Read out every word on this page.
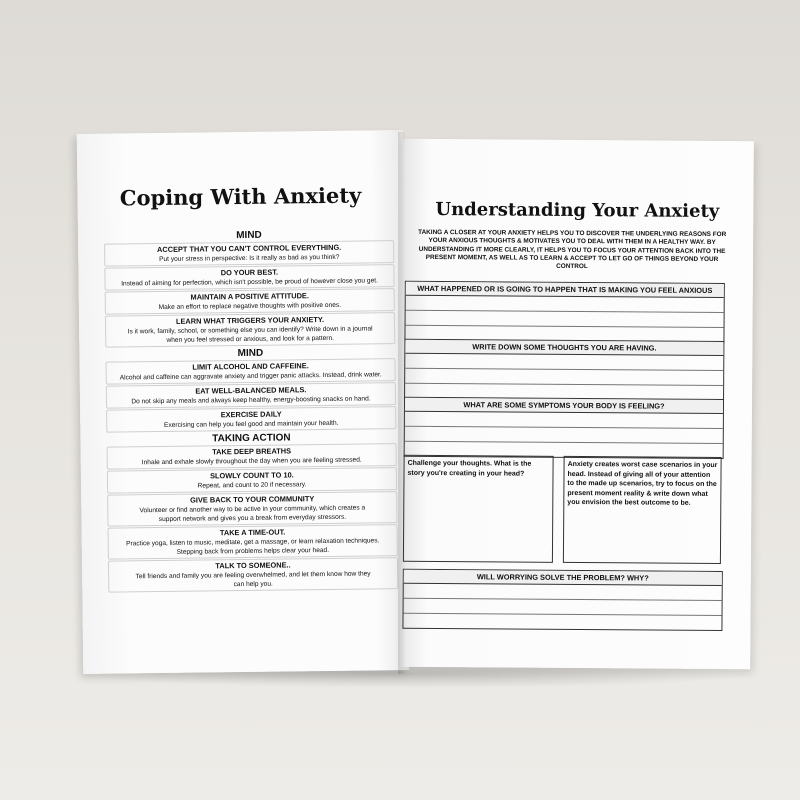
Coping With Anxiety
MIND
ACCEPT THAT YOU CAN'T CONTROL EVERYTHING.
Put your stress in perspective: Is it really as bad as you think?
DO YOUR BEST.
Instead of aiming for perfection, which isn't possible, be proud of however close you get.
MAINTAIN A POSITIVE ATTITUDE.
Make an effort to replace negative thoughts with positive ones.
LEARN WHAT TRIGGERS YOUR ANXIETY.
Is it work, family, school, or something else you can identify? Write down in a journal
when you feel stressed or anxious, and look for a pattern.
MIND
LIMIT ALCOHOL AND CAFFEINE.
Alcohol and caffeine can aggravate anxiety and trigger panic attacks. Instead, drink water.
EAT WELL-BALANCED MEALS.
Do not skip any meals and always keep healthy, energy-boosting snacks on hand.
EXERCISE DAILY
Exercising can help you feel good and maintain your health.
TAKING ACTION
TAKE DEEP BREATHS
Inhale and exhale slowly throughout the day when you are feeling stressed.
SLOWLY COUNT TO 10.
Repeat, and count to 20 if necessary.
GIVE BACK TO YOUR COMMUNITY
Volunteer or find another way to be active in your community, which creates a
support network and gives you a break from everyday stressors.
TAKE A TIME-OUT.
Practice yoga, listen to music, meditate, get a massage, or learn relaxation techniques.
Stepping back from problems helps clear your head.
TALK TO SOMEONE..
Tell friends and family you are feeling overwhelmed, and let them know how they
can help you.
Understanding Your Anxiety
TAKING A CLOSER AT YOUR ANXIETY HELPS YOU TO DISCOVER THE UNDERLYING REASONS FOR YOUR ANXIOUS THOUGHTS & MOTIVATES YOU TO DEAL WITH THEM IN A HEALTHY WAY. BY UNDERSTANDING IT MORE CLEARLY, IT HELPS YOU TO FOCUS YOUR ATTENTION BACK INTO THE PRESENT MOMENT, AS WELL AS TO LEARN & ACCEPT TO LET GO OF THINGS BEYOND YOUR CONTROL
WHAT HAPPENED OR IS GOING TO HAPPEN THAT IS MAKING YOU FEEL ANXIOUS
WRITE DOWN SOME THOUGHTS YOU ARE HAVING.
WHAT ARE SOME SYMPTOMS YOUR BODY IS FEELING?
Challenge your thoughts. What is the story you're creating in your head?
Anxiety creates worst case scenarios in your head. Instead of giving all of your attention to the made up scenarios, try to focus on the present moment reality & write down what you envision the best outcome to be.
WILL WORRYING SOLVE THE PROBLEM? WHY?
